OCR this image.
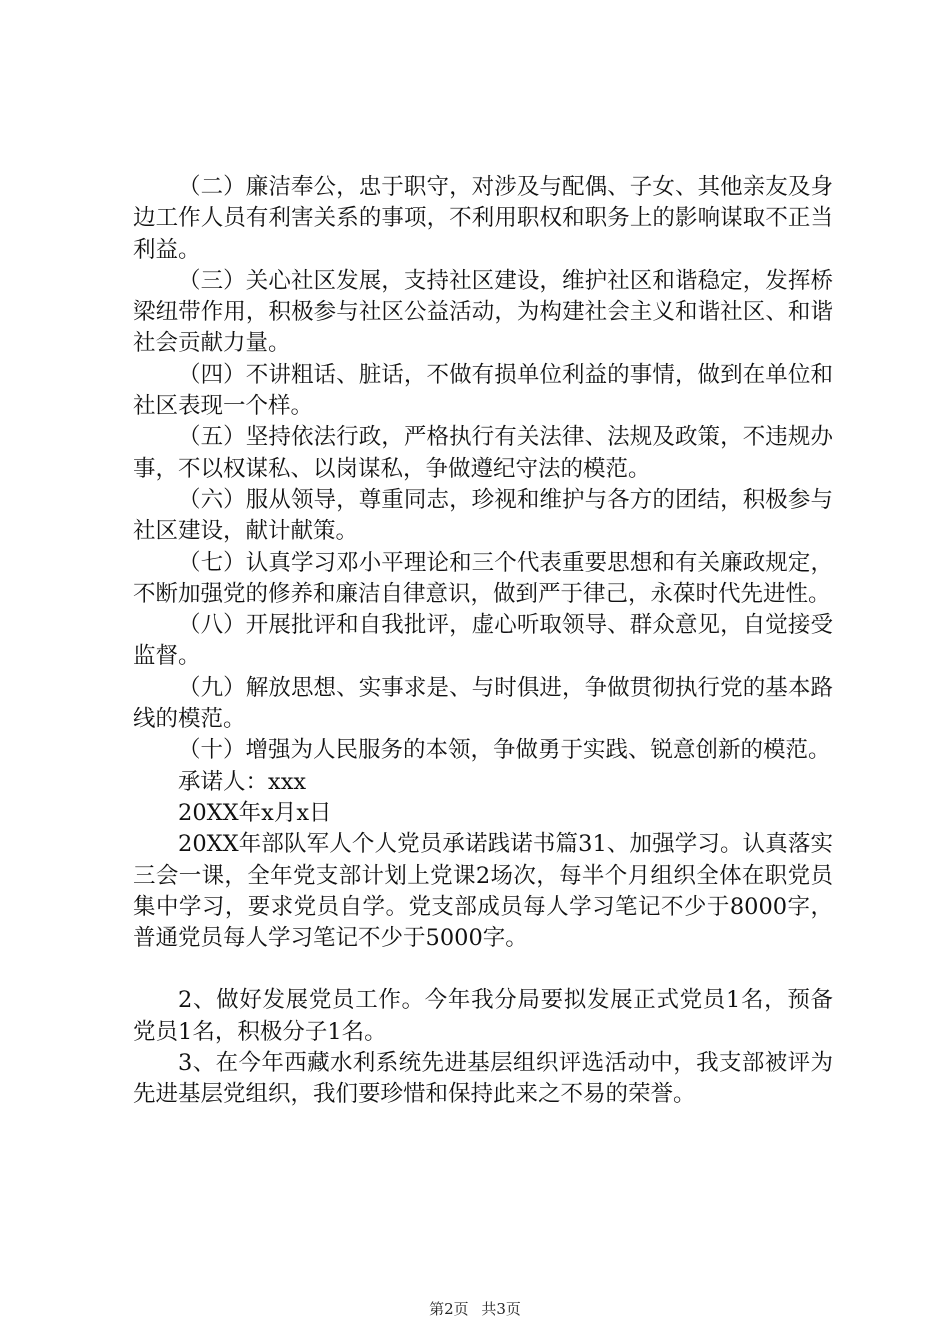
（二）廉洁奉公，忠于职守，对涉及与配偶、子女、其他亲友及身边工作人员有利害关系的事项，不利用职权和职务上的影响谋取不正当利益。

（三）关心社区发展，支持社区建设，维护社区和谐稳定，发挥桥梁纽带作用，积极参与社区公益活动，为构建社会主义和谐社区、和谐社会贡献力量。

（四）不讲粗话、脏话，不做有损单位利益的事情，做到在单位和社区表现一个样。

（五）坚持依法行政，严格执行有关法律、法规及政策，不违规办事，不以权谋私、以岗谋私，争做遵纪守法的模范。

（六）服从领导，尊重同志，珍视和维护与各方的团结，积极参与社区建设，献计献策。

（七）认真学习邓小平理论和三个代表重要思想和有关廉政规定，不断加强党的修养和廉洁自律意识，做到严于律己，永葆时代先进性。

（八）开展批评和自我批评，虚心听取领导、群众意见，自觉接受监督。

（九）解放思想、实事求是、与时俱进，争做贯彻执行党的基本路线的模范。

（十）增强为人民服务的本领，争做勇于实践、锐意创新的模范。

承诺人：xxx

20XX年x月x日

20XX年部队军人个人党员承诺践诺书篇31、加强学习。认真落实三会一课，全年党支部计划上党课2场次，每半个月组织全体在职党员集中学习，要求党员自学。党支部成员每人学习笔记不少于8000字，普通党员每人学习笔记不少于5000字。

2、做好发展党员工作。今年我分局要拟发展正式党员1名，预备党员1名，积极分子1名。

3、在今年西藏水利系统先进基层组织评选活动中，我支部被评为先进基层党组织，我们要珍惜和保持此来之不易的荣誉。

第2页 共3页
